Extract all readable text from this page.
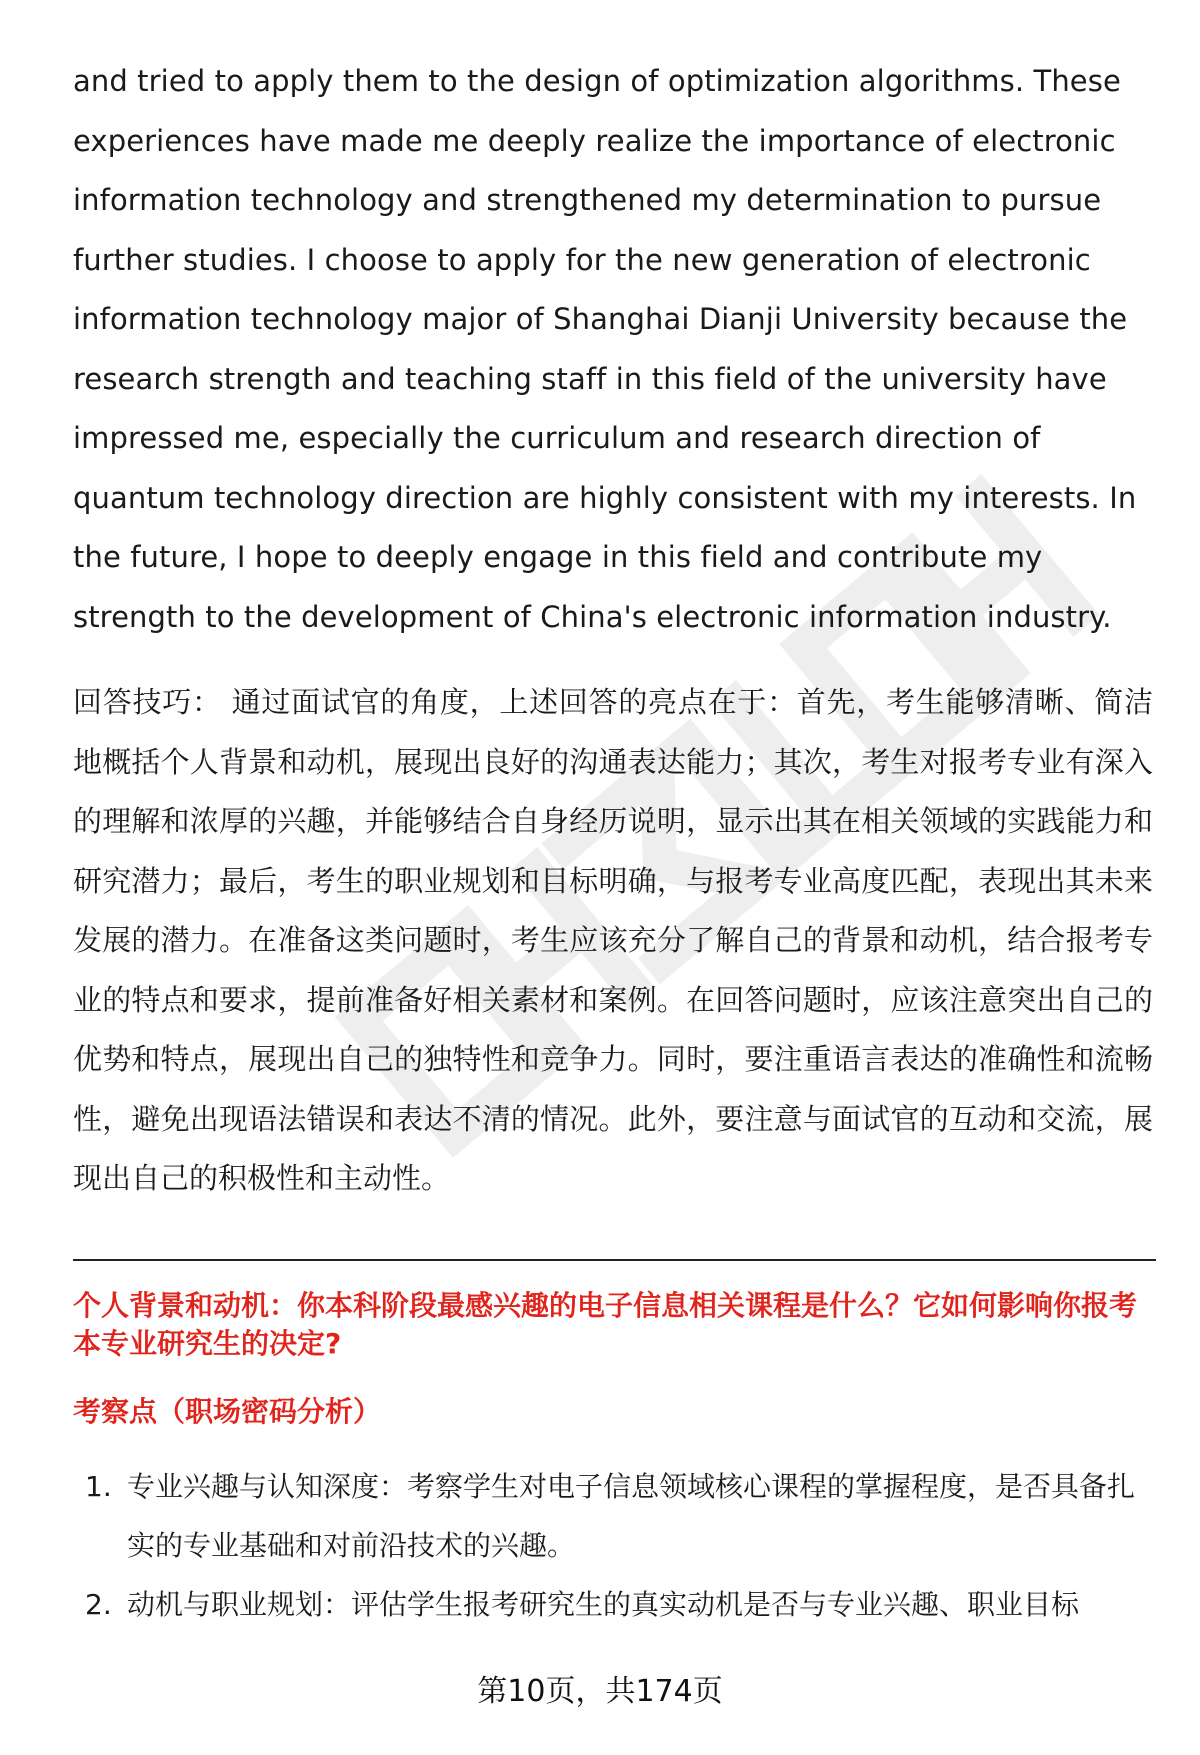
and tried to apply them to the design of optimization algorithms. These experiences have made me deeply realize the importance of electronic information technology and strengthened my determination to pursue further studies. I choose to apply for the new generation of electronic information technology major of Shanghai Dianji University because the research strength and teaching staff in this field of the university have impressed me, especially the curriculum and research direction of quantum technology direction are highly consistent with my interests. In the future, I hope to deeply engage in this field and contribute my strength to the development of China's electronic information industry.

回答技巧： 通过面试官的角度，上述回答的亮点在于：首先，考生能够清晰、简洁地概括个人背景和动机，展现出良好的沟通表达能力；其次，考生对报考专业有深入的理解和浓厚的兴趣，并能够结合自身经历说明，显示出其在相关领域的实践能力和研究潜力；最后，考生的职业规划和目标明确，与报考专业高度匹配，表现出其未来发展的潜力。在准备这类问题时，考生应该充分了解自己的背景和动机，结合报考专业的特点和要求，提前准备好相关素材和案例。在回答问题时，应该注意突出自己的优势和特点，展现出自己的独特性和竞争力。同时，要注重语言表达的准确性和流畅性，避免出现语法错误和表达不清的情况。此外，要注意与面试官的互动和交流，展现出自己的积极性和主动性。

个人背景和动机：你本科阶段最感兴趣的电子信息相关课程是什么？它如何影响你报考本专业研究生的决定?
考察点（职场密码分析）
1. 专业兴趣与认知深度：考察学生对电子信息领域核心课程的掌握程度，是否具备扎实的专业基础和对前沿技术的兴趣。
2. 动机与职业规划：评估学生报考研究生的真实动机是否与专业兴趣、职业目标
第10页，共174页
